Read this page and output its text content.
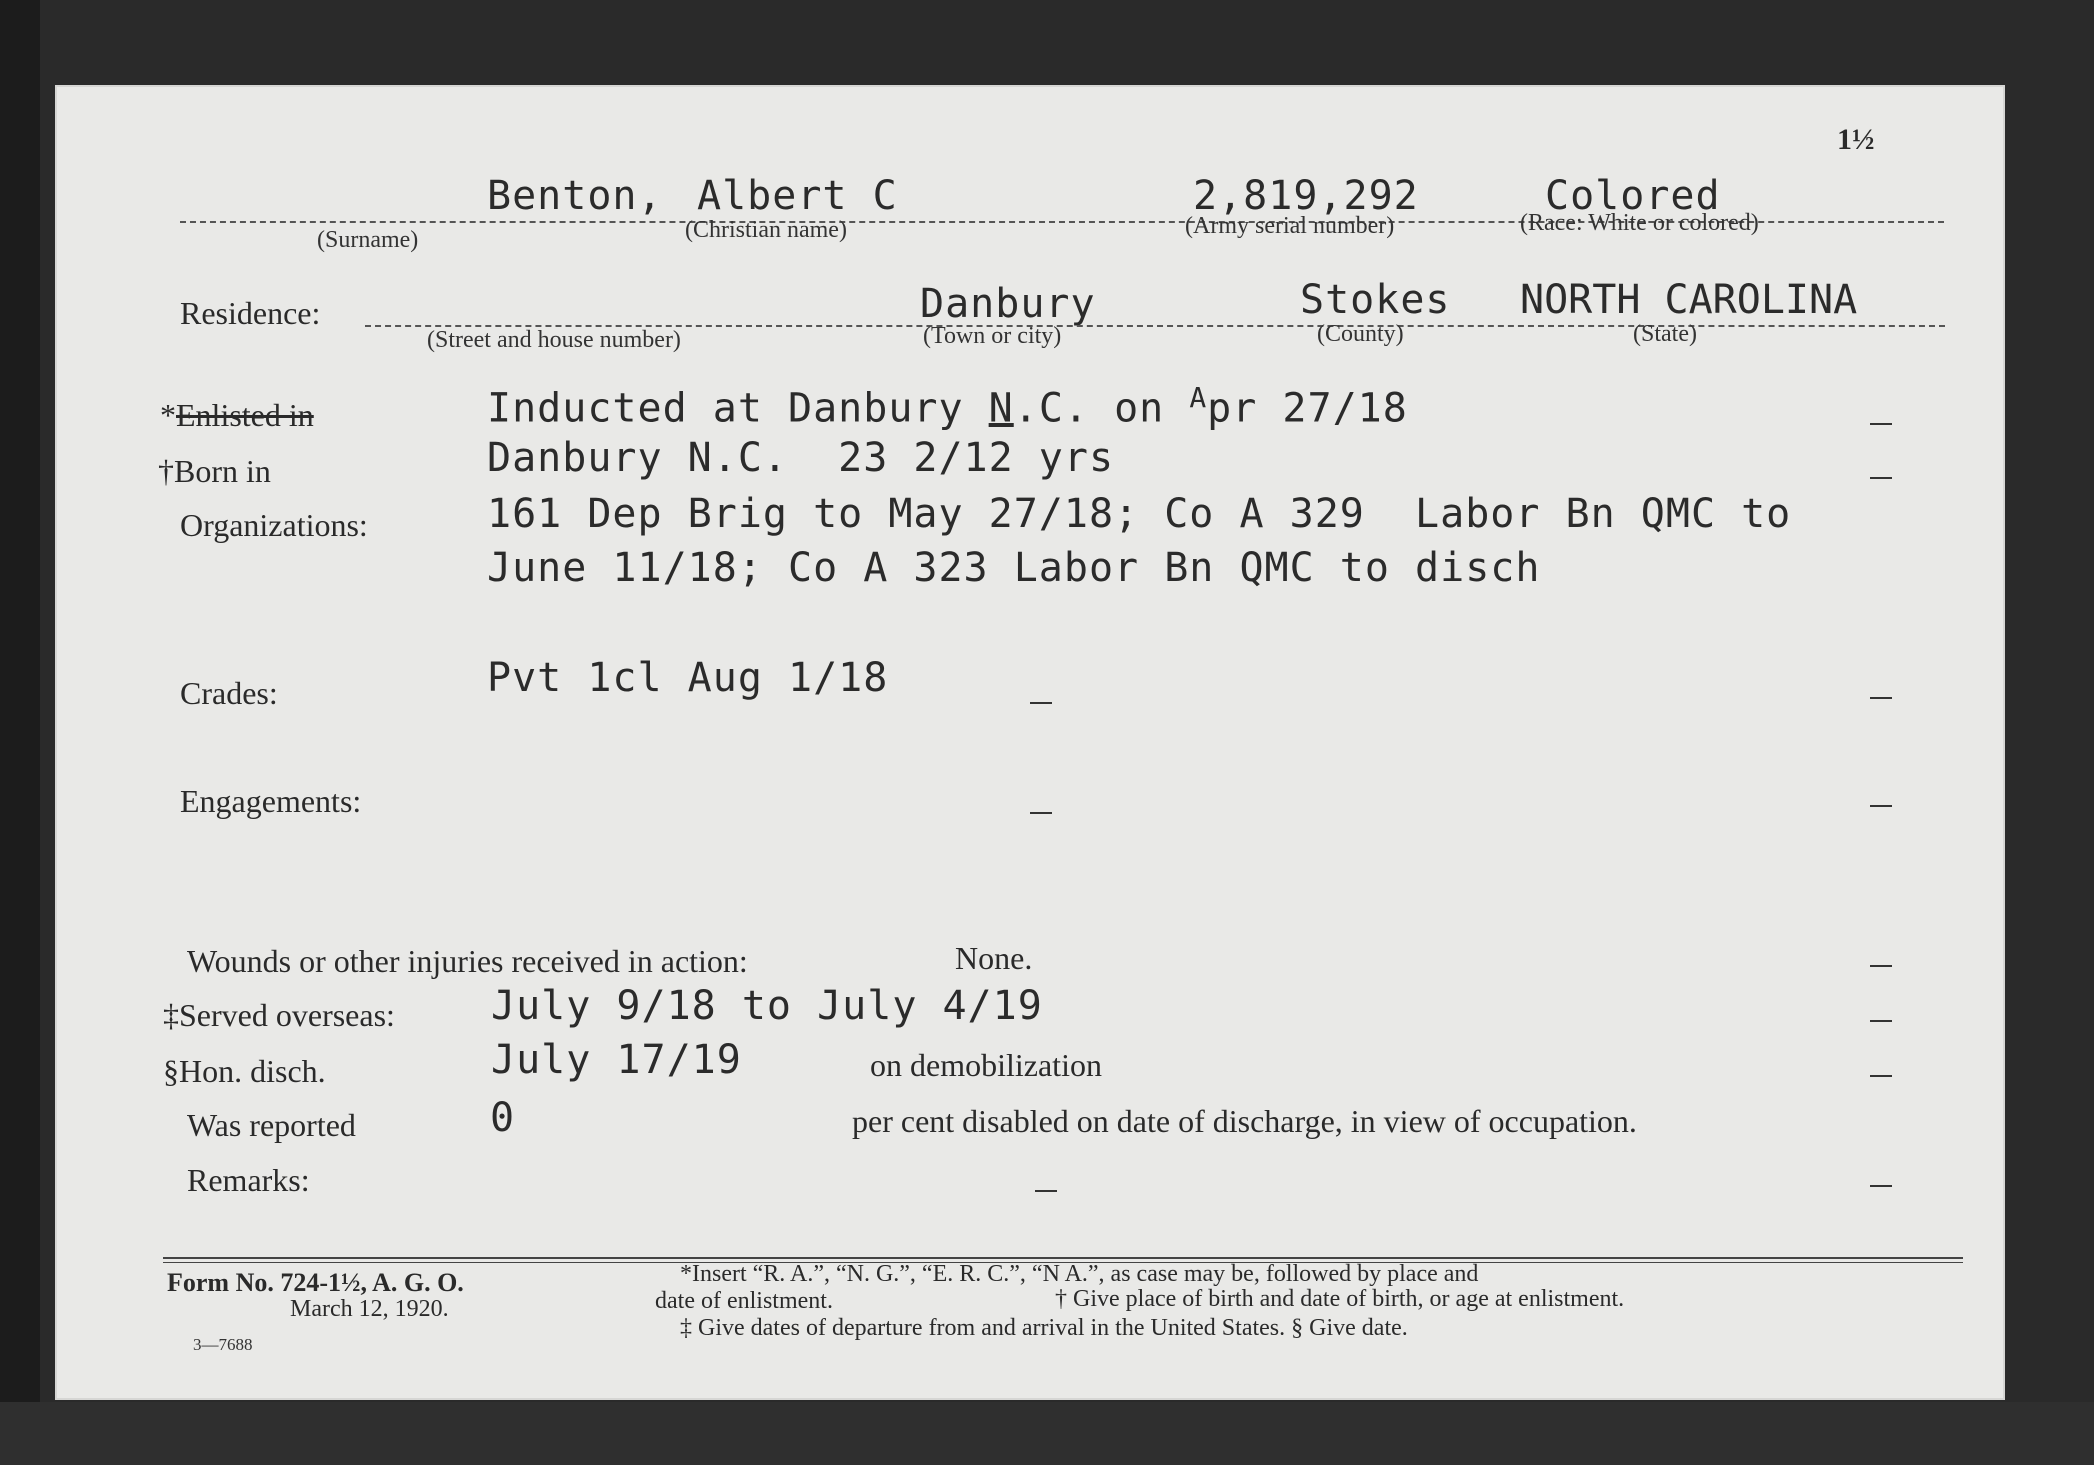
1½
Benton, Albert C	2,819,292	Colored
(Surname)	(Christian name)	(Army serial number)	(Race: White or colored)
Residence:	Danbury	Stokes NORTH CAROLINA
(Street and house number)	(Town or city)	(County)	(State)
*Enlisted in	Inducted at Danbury N.C. on $^A$pr 27/18
†Born in	Danbury N.C.  23 2/12 yrs
Organizations:	161 Dep Brig to May 27/18; Co A 329  Labor Bn QMC to
June 11/18; Co A 323 Labor Bn QMC to disch
Crades:	Pvt 1cl Aug 1/18
Engagements:
Wounds or other injuries received in action:	None.
‡Served overseas: July 9/18 to July 4/19
§Hon. disch.	July 17/19	on demobilization
Was reported	0	per cent disabled on date of discharge, in view of occupation.
Remarks:
Form No. 724-1½, A. G. O.
March 12, 1920.
3—7688
*Insert “R. A.”, “N. G.”, “E. R. C.”, “N A.”, as case may be, followed by place and
date of enlistment.	† Give place of birth and date of birth, or age at enlistment.
‡ Give dates of departure from and arrival in the United States. § Give date.
